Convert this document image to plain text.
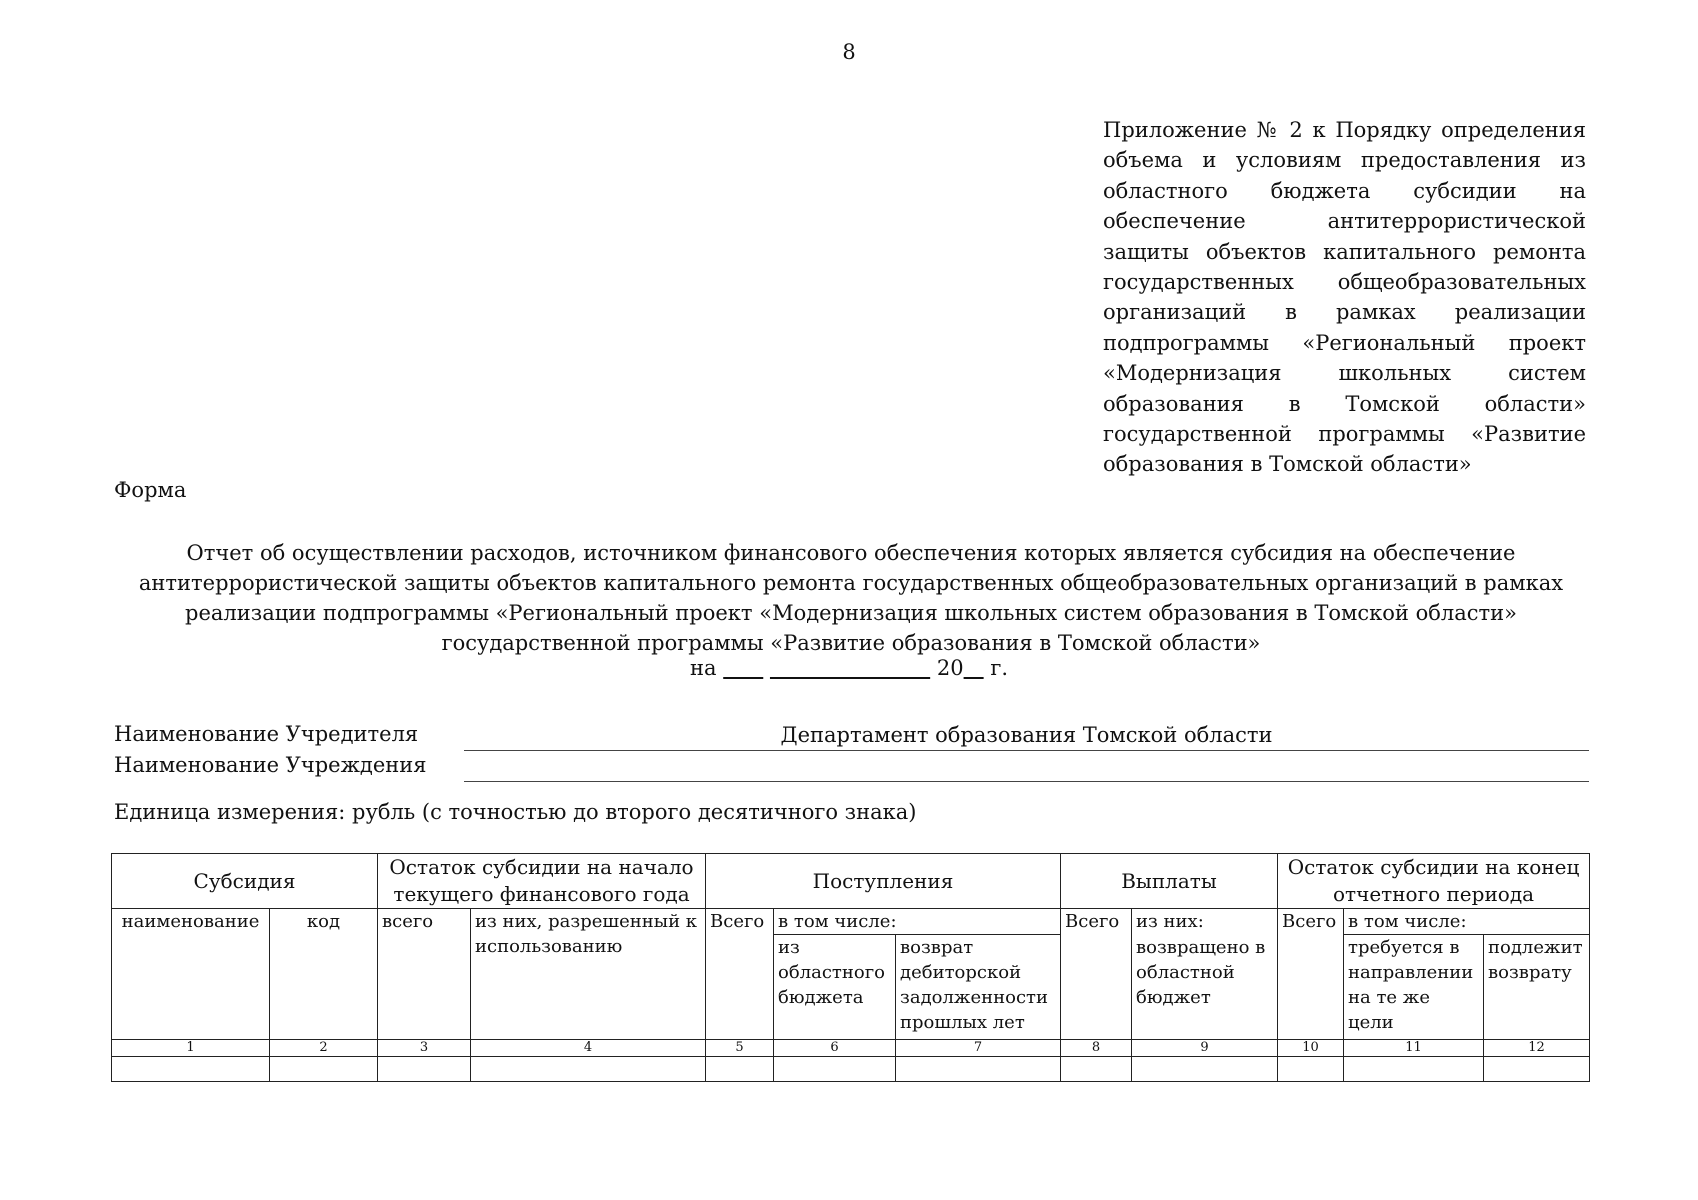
8
Приложение № 2 к Порядку определения объема и условиям предоставления из областного бюджета субсидии на обеспечение антитеррористической защиты объектов капитального ремонта государственных общеобразовательных организаций в рамках реализации подпрограммы «Региональный проект «Модернизация школьных систем образования в Томской области» государственной программы «Развитие образования в Томской области»
Форма
Отчет об осуществлении расходов, источником финансового обеспечения которых является субсидия на обеспечение
антитеррористической защиты объектов капитального ремонта государственных общеобразовательных организаций в рамках
реализации подпрограммы «Региональный проект «Модернизация школьных систем образования в Томской области»
государственной программы «Развитие образования в Томской области»
на	20 г.
Наименование Учредителя	Департамент образования Томской области
Наименование Учреждения
Единица измерения: рубль (с точностью до второго десятичного знака)
Субсидия		Остаток субсидии на начало текущего финансового года		Поступления			Выплаты		Остаток субсидии на конец отчетного периода		
наименование	код	всего	из них, разрешенный к использованию	Всего	в том числе:		Всего	из них:	Всего	в том числе:	
					из областного бюджета	возврат дебиторской задолженности прошлых лет		возвращено в областной бюджет		требуется в направлении на те же цели	подлежит возврату
1	2	3	4	5	6	7	8	9	10	11	12
